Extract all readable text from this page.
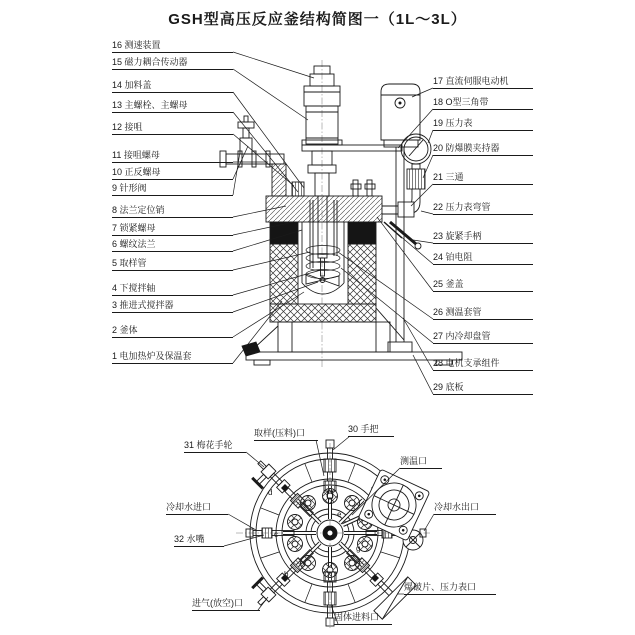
GSH型高压反应釜结构简图一（1L～3L）
16 测速装置
15 磁力耦合传动器
14 加料盖
13 主螺栓、主螺母
12 接咀
11 接咀螺母
10 正反螺母
9 针形阀
8 法兰定位销
7 锁紧螺母
6 螺纹法兰
5 取样管
4 下搅拌轴
3 推进式搅拌器
2 釜体
1 电加热炉及保温套
17 直流伺服电动机
18 O型三角带
19 压力表
20 防爆膜夹持器
21 三通
22 压力表弯管
23 旋紧手柄
24 铂电阻
25 釜盖
26 测温套管
27 内冷却盘管
28 电机支承组件
29 底板
取样(压料)口	30 手把
31 梅花手轮
测温口
冷却水进口	冷却水出口
32 水嘴
进气(放空)口
固体进料口
爆破片、压力表口
d
c
b
e
f
g
